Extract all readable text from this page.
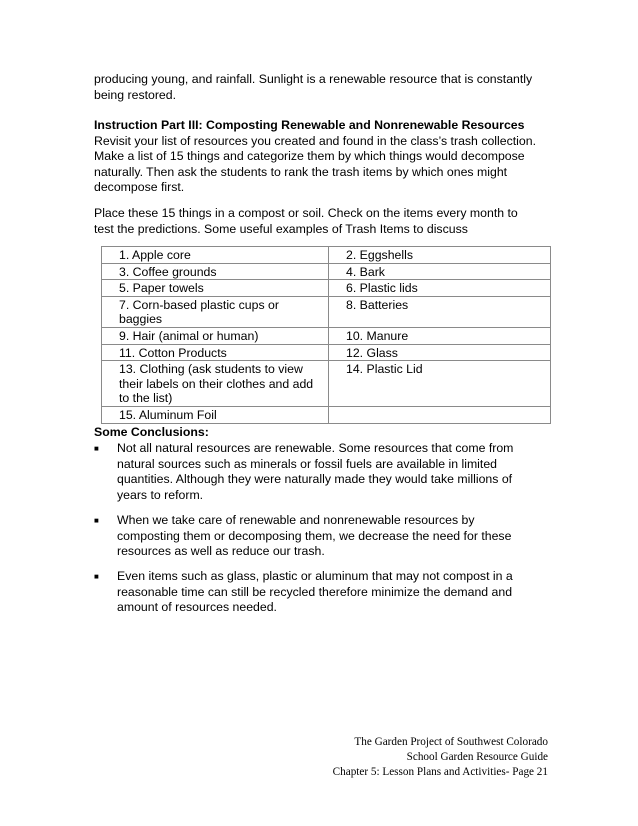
producing young, and rainfall. Sunlight is a renewable resource that is constantly
being restored.
Instruction Part III: Composting Renewable and Nonrenewable Resources
Revisit your list of resources you created and found in the class’s trash collection.
Make a list of 15 things and categorize them by which things would decompose
naturally. Then ask the students to rank the trash items by which ones might
decompose first.
Place these 15 things in a compost or soil. Check on the items every month to
test the predictions. Some useful examples of Trash Items to discuss
1. Apple core	2. Eggshells
3. Coffee grounds	4. Bark
5. Paper towels	6. Plastic lids
7. Corn-based plastic cups or baggies	8. Batteries
9. Hair (animal or human)	10. Manure
11. Cotton Products	12. Glass
13. Clothing (ask students to view their labels on their clothes and add to the list)	14. Plastic Lid
15. Aluminum Foil	
Some Conclusions:
■ Not all natural resources are renewable. Some resources that come from
natural sources such as minerals or fossil fuels are available in limited
quantities. Although they were naturally made they would take millions of
years to reform.
■ When we take care of renewable and nonrenewable resources by
composting them or decomposing them, we decrease the need for these
resources as well as reduce our trash.
■ Even items such as glass, plastic or aluminum that may not compost in a
reasonable time can still be recycled therefore minimize the demand and
amount of resources needed.
The Garden Project of Southwest Colorado
School Garden Resource Guide
Chapter 5: Lesson Plans and Activities- Page 21
